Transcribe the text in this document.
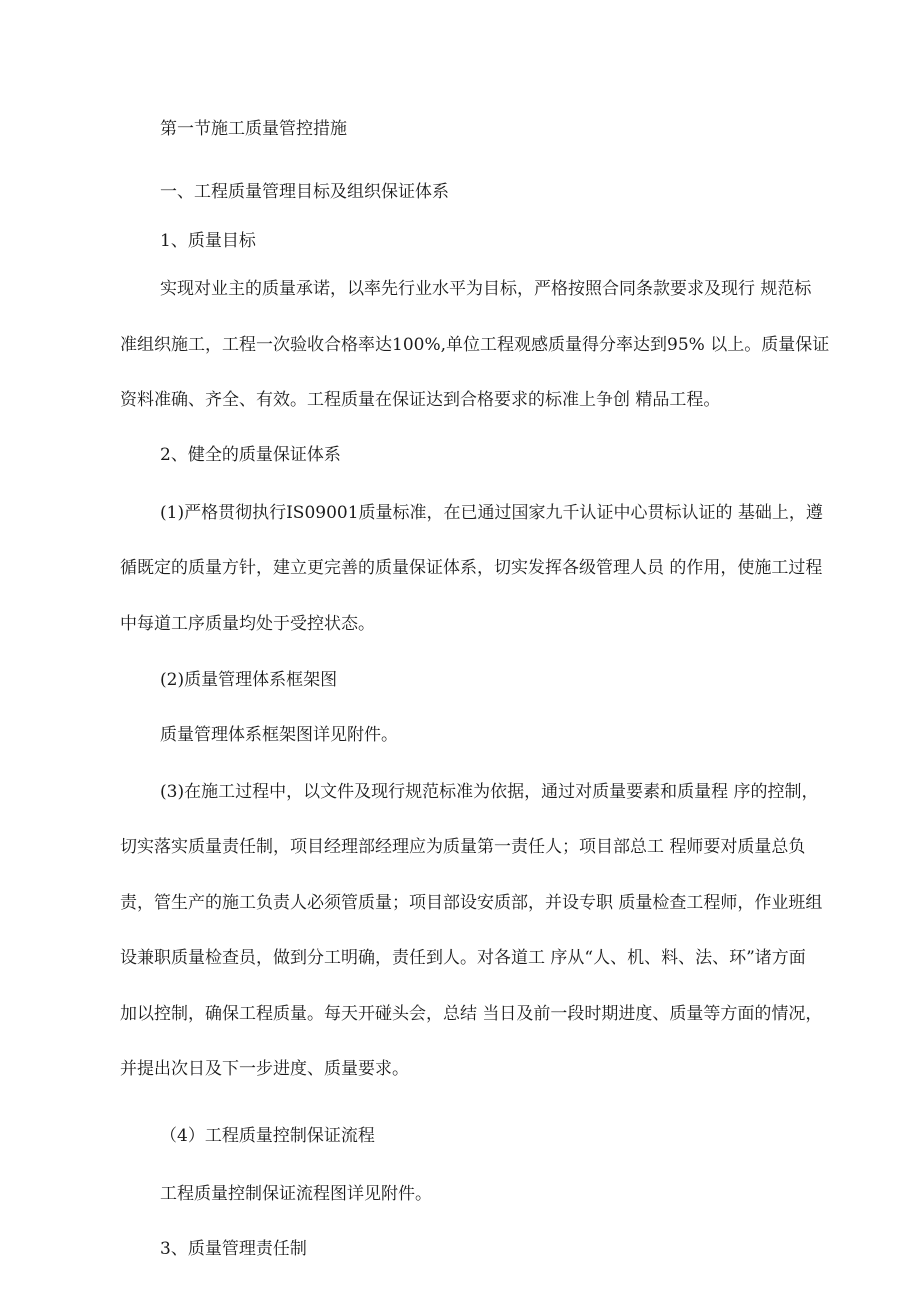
第一节施工质量管控措施

一、工程质量管理目标及组织保证体系

1、质量目标

实现对业主的质量承诺，以率先行业水平为目标，严格按照合同条款要求及现行 规范标

准组织施工，工程一次验收合格率达100%,单位工程观感质量得分率达到95% 以上。质量保证

资料准确、齐全、有效。工程质量在保证达到合格要求的标准上争创 精品工程。

2、健全的质量保证体系

(1)严格贯彻执行IS09001质量标准，在已通过国家九千认证中心贯标认证的 基础上，遵

循既定的质量方针，建立更完善的质量保证体系，切实发挥各级管理人员 的作用，使施工过程

中每道工序质量均处于受控状态。

(2)质量管理体系框架图

质量管理体系框架图详见附件。

(3)在施工过程中，以文件及现行规范标准为依据，通过对质量要素和质量程 序的控制，

切实落实质量责任制，项目经理部经理应为质量第一责任人；项目部总工 程师要对质量总负

责，管生产的施工负责人必须管质量；项目部设安质部，并设专职 质量检查工程师，作业班组

设兼职质量检查员，做到分工明确，责任到人。对各道工 序从“人、机、料、法、环”诸方面

加以控制，确保工程质量。每天开碰头会，总结 当日及前一段时期进度、质量等方面的情况，

并提出次日及下一步进度、质量要求。

（4）工程质量控制保证流程

工程质量控制保证流程图详见附件。

3、质量管理责任制
